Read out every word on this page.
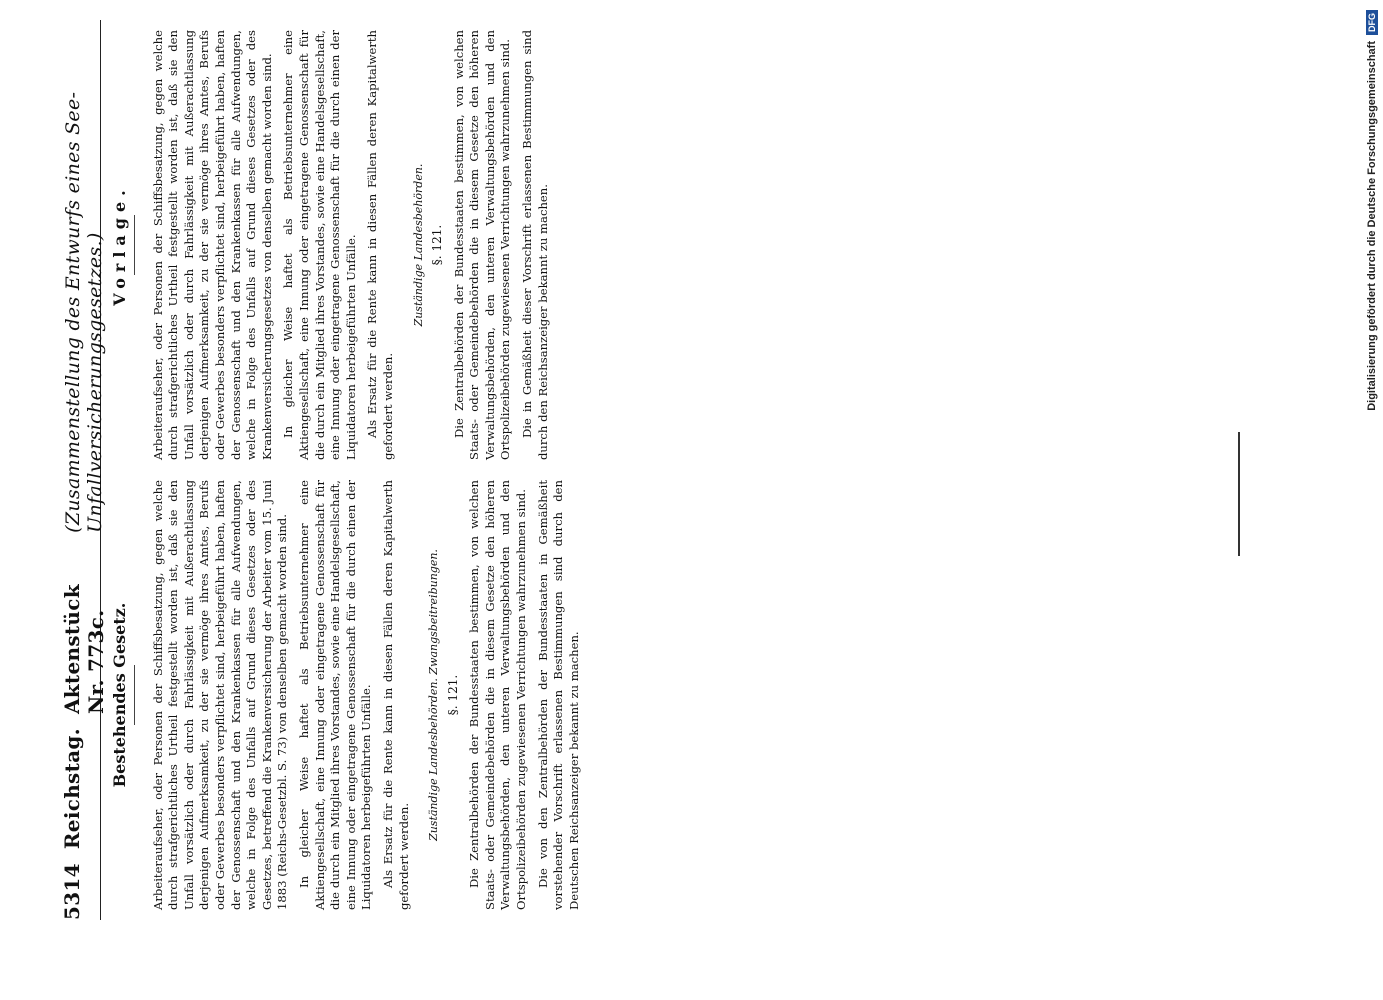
5314
Reichstag.
Aktenstück Nr. 773c.
(Zusammenstellung des Entwurfs eines See-Unfallversicherungsgesetzes.)
Bestehendes Gesetz. Arbeiteraufseher, oder Personen der Schiffsbesatzung, gegen welche durch strafgerichtliches Urtheil festgestellt worden ist, daß sie den Unfall vorsätzlich oder durch Fahrlässigkeit mit Außerachtlassung derjenigen Aufmerksamkeit, zu der sie vermöge ihres Amtes, Berufs oder Gewerbes besonders verpflichtet sind, herbeigeführt haben, haften der Genossenschaft und den Krankenkassen für alle Aufwendungen, welche in Folge des Unfalls auf Grund dieses Gesetzes oder des Gesetzes, betreffend die Krankenversicherung der Arbeiter vom 15. Juni 1883 (Reichs-Gesetzbl. S. 73) von denselben gemacht worden sind. In gleicher Weise haftet als Betriebsunternehmer eine Aktiengesellschaft, eine Innung oder eingetragene Genossenschaft für die durch ein Mitglied ihres Vorstandes, sowie eine Handelsgesellschaft, eine Innung oder eingetragene Genossenschaft für die durch einen der Liquidatoren herbeigeführten Unfälle. Als Ersatz für die Rente kann in diesen Fällen deren Kapitalwerth gefordert werden.

Zuständige Landesbehörden. Zwangsbeitreibungen. §. 121. Die Zentralbehörden der Bundesstaaten bestimmen, von welchen Staats- oder Gemeindebehörden die in diesem Gesetze den höheren Verwaltungsbehörden, den unteren Verwaltungsbehörden und den Ortspolizeibehörden zugewiesenen Verrichtungen wahrzunehmen sind. Die von den Zentralbehörden der Bundesstaaten in Gemäßheit vorstehender Vorschrift erlassenen Bestimmungen sind durch den Deutschen Reichsanzeiger bekannt zu machen.

Vorlage. Arbeiteraufseher, oder Personen der Schiffsbesatzung, gegen welche durch strafgerichtliches Urtheil festgestellt worden ist, daß sie den Unfall vorsätzlich oder durch Fahrlässigkeit mit Außerachtlassung derjenigen Aufmerksamkeit, zu der sie vermöge ihres Amtes, Berufs oder Gewerbes besonders verpflichtet sind, herbeigeführt haben, haften der Genossenschaft und den Krankenkassen für alle Aufwendungen, welche in Folge des Unfalls auf Grund dieses Gesetzes oder des Krankenversicherungsgesetzes von denselben gemacht worden sind. In gleicher Weise haftet als Betriebsunternehmer eine Aktiengesellschaft, eine Innung oder eingetragene Genossenschaft für die durch ein Mitglied ihres Vorstandes, sowie eine Handelsgesellschaft, eine Innung oder eingetragene Genossenschaft für die durch einen der Liquidatoren herbeigeführten Unfälle. Als Ersatz für die Rente kann in diesen Fällen deren Kapitalwerth gefordert werden.

Zuständige Landesbehörden. §. 121. Die Zentralbehörden der Bundesstaaten bestimmen, von welchen Staats- oder Gemeindebehörden die in diesem Gesetze den höheren Verwaltungsbehörden, den unteren Verwaltungsbehörden und den Ortspolizeibehörden zugewiesenen Verrichtungen wahrzunehmen sind. Die in Gemäßheit dieser Vorschrift erlassenen Bestimmungen sind durch den Reichsanzeiger bekannt zu machen.	Digitalisierung gefördert durch die Deutsche Forschungsgemeinschaft
DFG
